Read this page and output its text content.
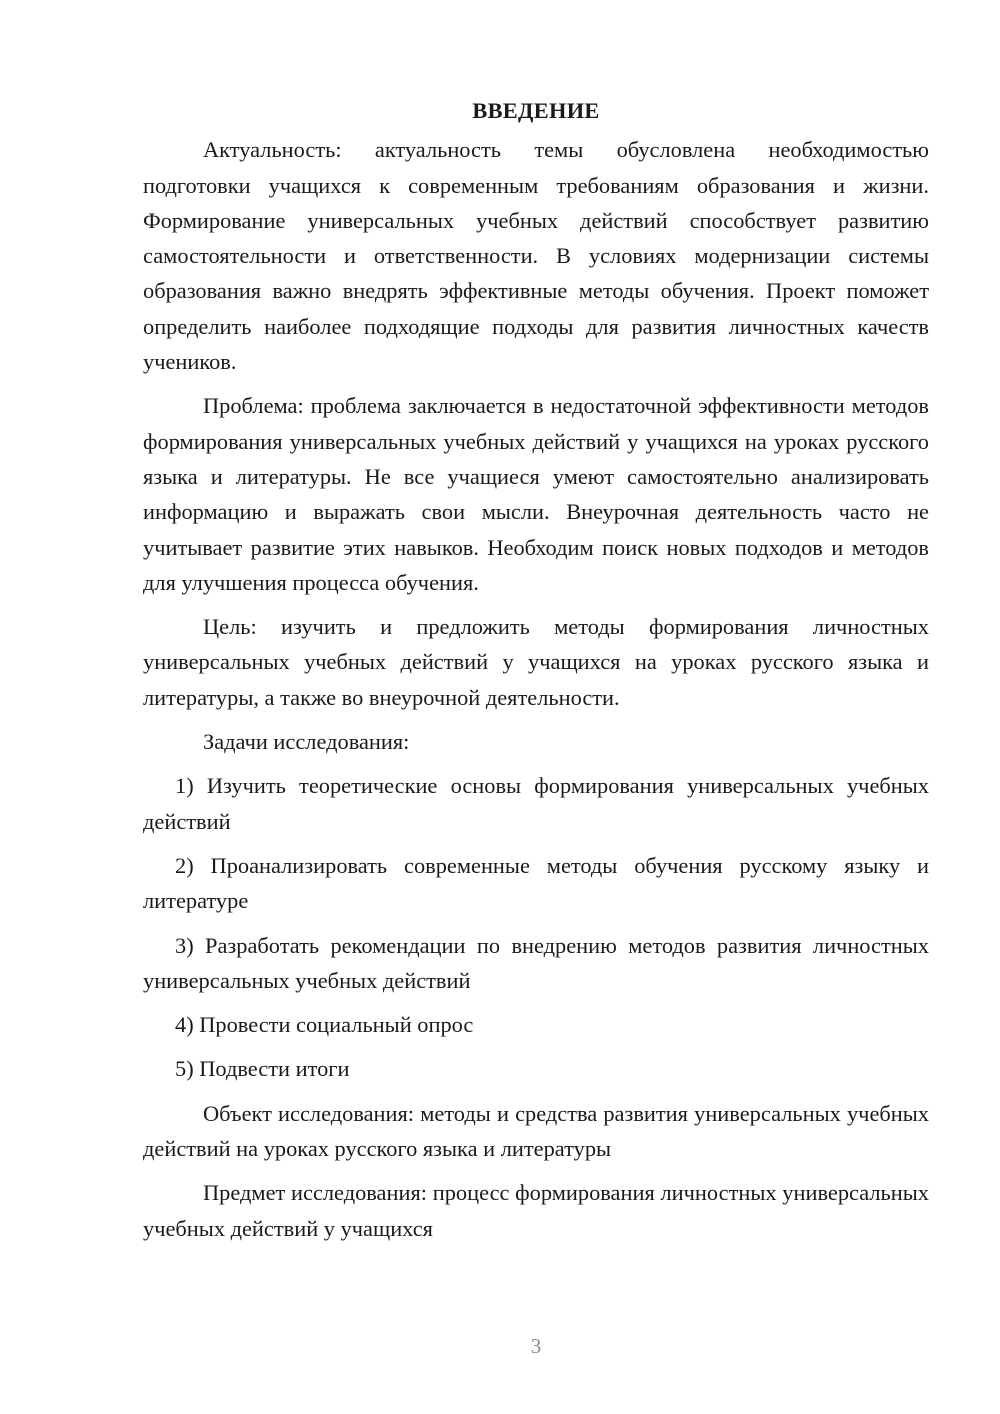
ВВЕДЕНИЕ

Актуальность: актуальность темы обусловлена необходимостью подготовки учащихся к современным требованиям образования и жизни. Формирование универсальных учебных действий способствует развитию самостоятельности и ответственности. В условиях модернизации системы образования важно внедрять эффективные методы обучения. Проект поможет определить наиболее подходящие подходы для развития личностных качеств учеников.

Проблема: проблема заключается в недостаточной эффективности методов формирования универсальных учебных действий у учащихся на уроках русского языка и литературы. Не все учащиеся умеют самостоятельно анализировать информацию и выражать свои мысли. Внеурочная деятельность часто не учитывает развитие этих навыков. Необходим поиск новых подходов и методов для улучшения процесса обучения.

Цель: изучить и предложить методы формирования личностных универсальных учебных действий у учащихся на уроках русского языка и литературы, а также во внеурочной деятельности.

Задачи исследования:

1) Изучить теоретические основы формирования универсальных учебных действий

2) Проанализировать современные методы обучения русскому языку и литературе

3) Разработать рекомендации по внедрению методов развития личностных универсальных учебных действий

4) Провести социальный опрос

5) Подвести итоги

Объект исследования: методы и средства развития универсальных учебных действий на уроках русского языка и литературы

Предмет исследования: процесс формирования личностных универсальных учебных действий у учащихся

3
